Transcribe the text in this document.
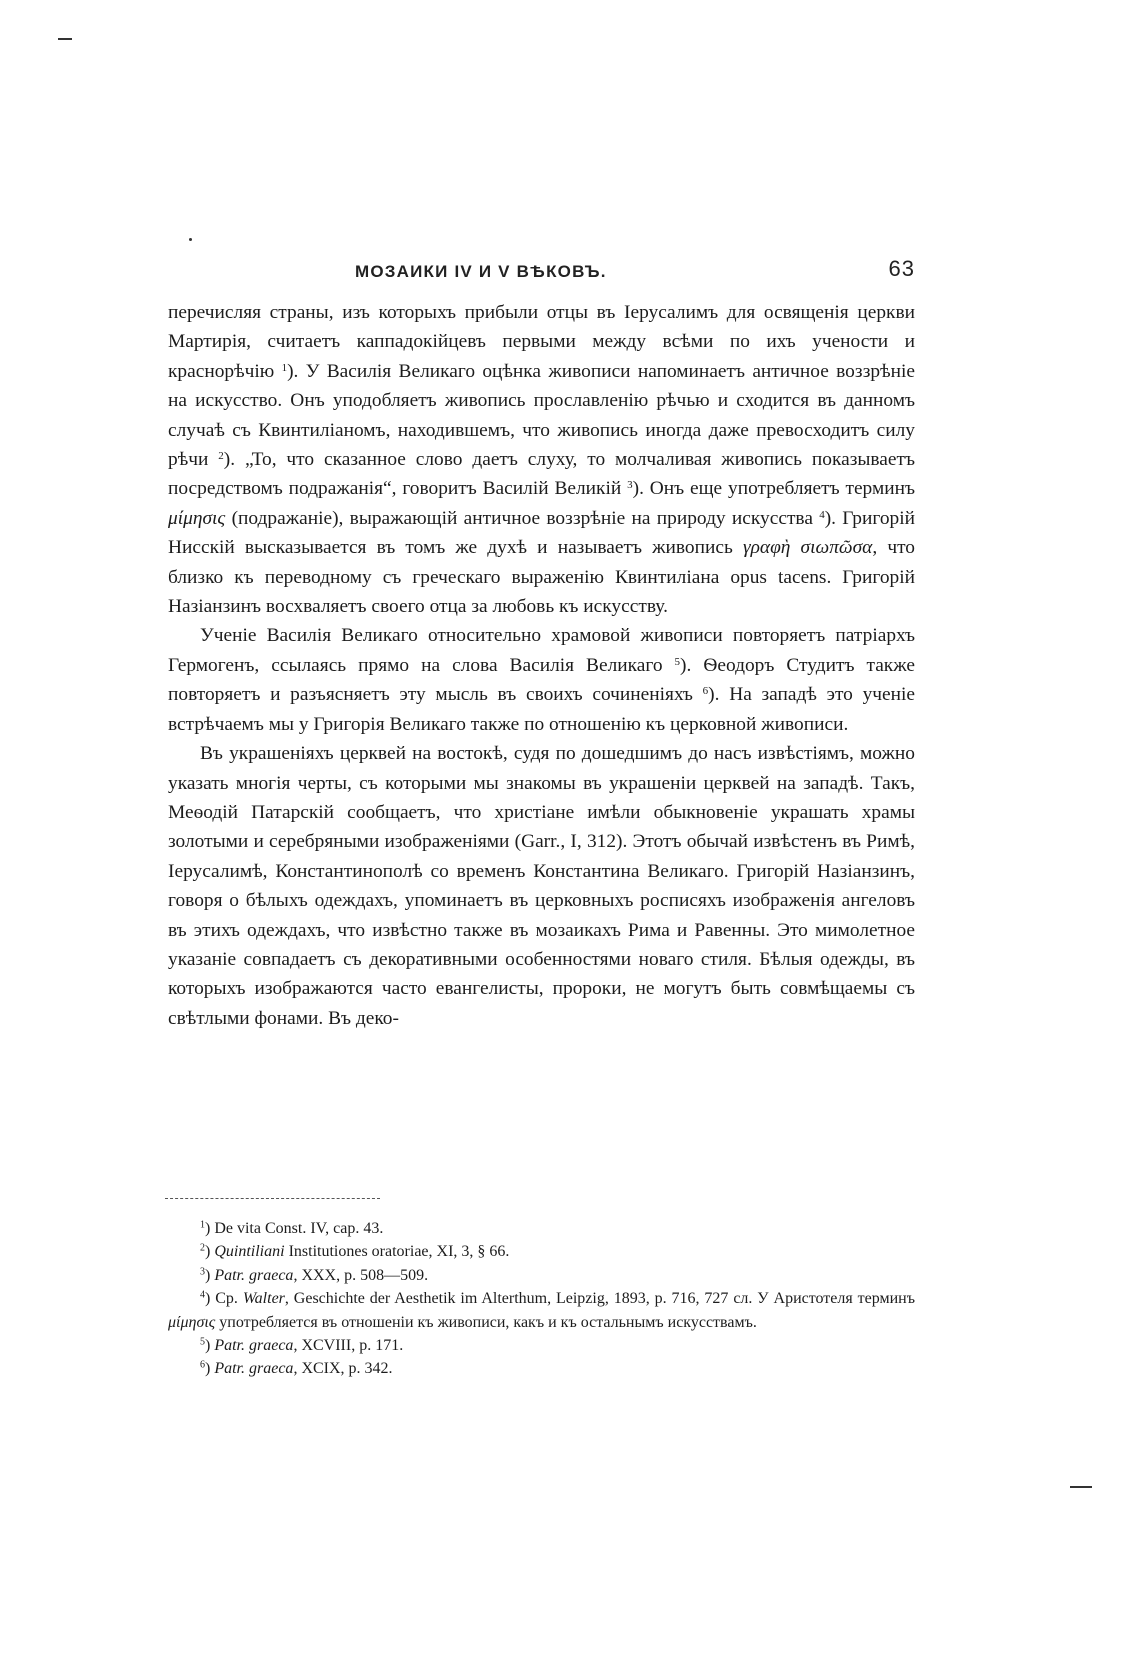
МОЗАИКИ IV И V ВѢКОВЪ.	63

перечисляя страны, изъ которыхъ прибыли отцы въ Іерусалимъ для освященія церкви Мартирія, считаетъ каппадокійцевъ первыми между всѣми по ихъ учености и краснорѣчію $^1$). У Василія Великаго оцѣнка живописи напоминаетъ античное воззрѣніе на искусство. Онъ уподобляетъ живопись прославленію рѣчью и сходится въ данномъ случаѣ съ Квинтиліаномъ, находившемъ, что живопись иногда даже превосходитъ силу рѣчи $^2$). „То, что сказанное слово даетъ слуху, то молчаливая живопись показываетъ посредствомъ подражанія“, говоритъ Василій Великій $^3$). Онъ еще употребляетъ терминъ μίμησις (подражаніе), выражающій античное воззрѣніе на природу искусства $^4$). Григорій Нисскій высказывается въ томъ же духѣ и называетъ живопись γραφὴ σιωπῶσα, что близко къ переводному съ греческаго выраженію Квинтиліана opus tacens. Григорій Назіанзинъ восхваляетъ своего отца за любовь къ искусству.

Ученіе Василія Великаго относительно храмовой живописи повторяетъ патріархъ Гермогенъ, ссылаясь прямо на слова Василія Великаго $^5$). Ѳеодоръ Студитъ также повторяетъ и разъясняетъ эту мысль въ своихъ сочиненіяхъ $^6$). На западѣ это ученіе встрѣчаемъ мы у Григорія Великаго также по отношенію къ церковной живописи.

Въ украшеніяхъ церквей на востокѣ, судя по дошедшимъ до насъ извѣстіямъ, можно указать многія черты, съ которыми мы знакомы въ украшеніи церквей на западѣ. Такъ, Меѳодій Патарскій сообщаетъ, что христіане имѣли обыкновеніе украшать храмы золотыми и серебряными изображеніями (Garr., I, 312). Этотъ обычай извѣстенъ въ Римѣ, Іерусалимѣ, Константинополѣ со временъ Константина Великаго. Григорій Назіанзинъ, говоря о бѣлыхъ одеждахъ, упоминаетъ въ церковныхъ росписяхъ изображенія ангеловъ въ этихъ одеждахъ, что извѣстно также въ мозаикахъ Рима и Равенны. Это мимолетное указаніе совпадаетъ съ декоративными особенностями новаго стиля. Бѣлыя одежды, въ которыхъ изображаются часто евангелисты, пророки, не могутъ быть совмѣщаемы съ свѣтлыми фонами. Въ деко-

$^1$) De vita Const. IV, cap. 43.

$^2$) Quintiliani Institutiones oratoriae, XI, 3, § 66.

$^3$) Patr. graeca, XXX, p. 508—509.

$^4$) Cp. Walter, Geschichte der Aesthetik im Alterthum, Leipzig, 1893, p. 716, 727 сл. У Аристотеля терминъ μίμησις употребляется въ отношеніи къ живописи, какъ и къ остальнымъ искусствамъ.

$^5$) Patr. graeca, XCVIII, p. 171.

$^6$) Patr. graeca, XCIX, p. 342.
